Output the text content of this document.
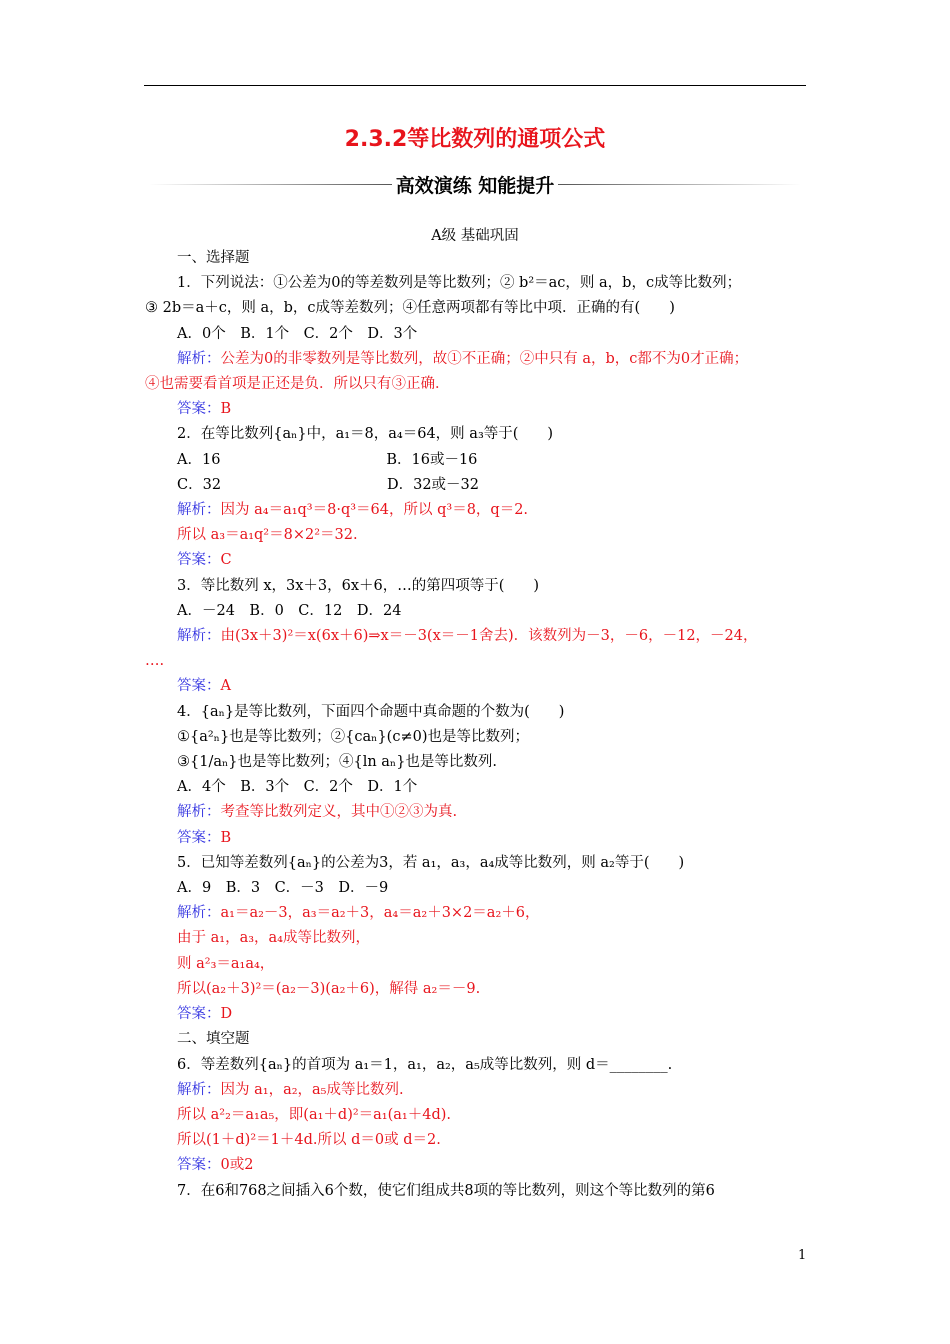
2.3.2等比数列的通项公式
高效演练 知能提升
A级 基础巩固
一、选择题
1．下列说法：①公差为0的等差数列是等比数列；② b²＝ac，则 a，b，c成等比数列；
③ 2b＝a＋c，则 a，b，c成等差数列；④任意两项都有等比中项．正确的有(　　)
A．0个　B．1个　C．2个　D．3个
解析：公差为0的非零数列是等比数列，故①不正确；②中只有 a，b，c都不为0才正确；
④也需要看首项是正还是负．所以只有③正确．
答案：B
2．在等比数列{aₙ}中，a₁＝8，a₄＝64，则 a₃等于(　　)
A．16                                    B．16或－16
C．32                                    D．32或－32
解析：因为 a₄＝a₁q³＝8·q³＝64，所以 q³＝8，q＝2.
所以 a₃＝a₁q²＝8×2²＝32.
答案：C
3．等比数列 x，3x＋3，6x＋6，…的第四项等于(　　)
A．－24　B．0　C．12　D．24
解析：由(3x＋3)²＝x(6x＋6)⇒x＝－3(x＝－1舍去)．该数列为－3，－6，－12，－24，
….
答案：A
4．{aₙ}是等比数列，下面四个命题中真命题的个数为(　　)
①{a²ₙ}也是等比数列；②{caₙ}(c≠0)也是等比数列；
③{1/aₙ}也是等比数列；④{ln aₙ}也是等比数列.
A．4个　B．3个　C．2个　D．1个
解析：考查等比数列定义，其中①②③为真.
答案：B
5．已知等差数列{aₙ}的公差为3，若 a₁，a₃，a₄成等比数列，则 a₂等于(　　)
A．9　B．3　C．－3　D．－9
解析：a₁＝a₂－3，a₃＝a₂＋3，a₄＝a₂＋3×2＝a₂＋6，
由于 a₁，a₃，a₄成等比数列，
则 a²₃＝a₁a₄，
所以(a₂＋3)²＝(a₂－3)(a₂＋6)，解得 a₂＝－9.
答案：D
二、填空题
6．等差数列{aₙ}的首项为 a₁＝1，a₁，a₂，a₅成等比数列，则 d＝________.
解析：因为 a₁，a₂，a₅成等比数列.
所以 a²₂＝a₁a₅，即(a₁＋d)²＝a₁(a₁＋4d).
所以(1＋d)²＝1＋4d.所以 d＝0或 d＝2.
答案：0或2
7．在6和768之间插入6个数，使它们组成共8项的等比数列，则这个等比数列的第6
1
